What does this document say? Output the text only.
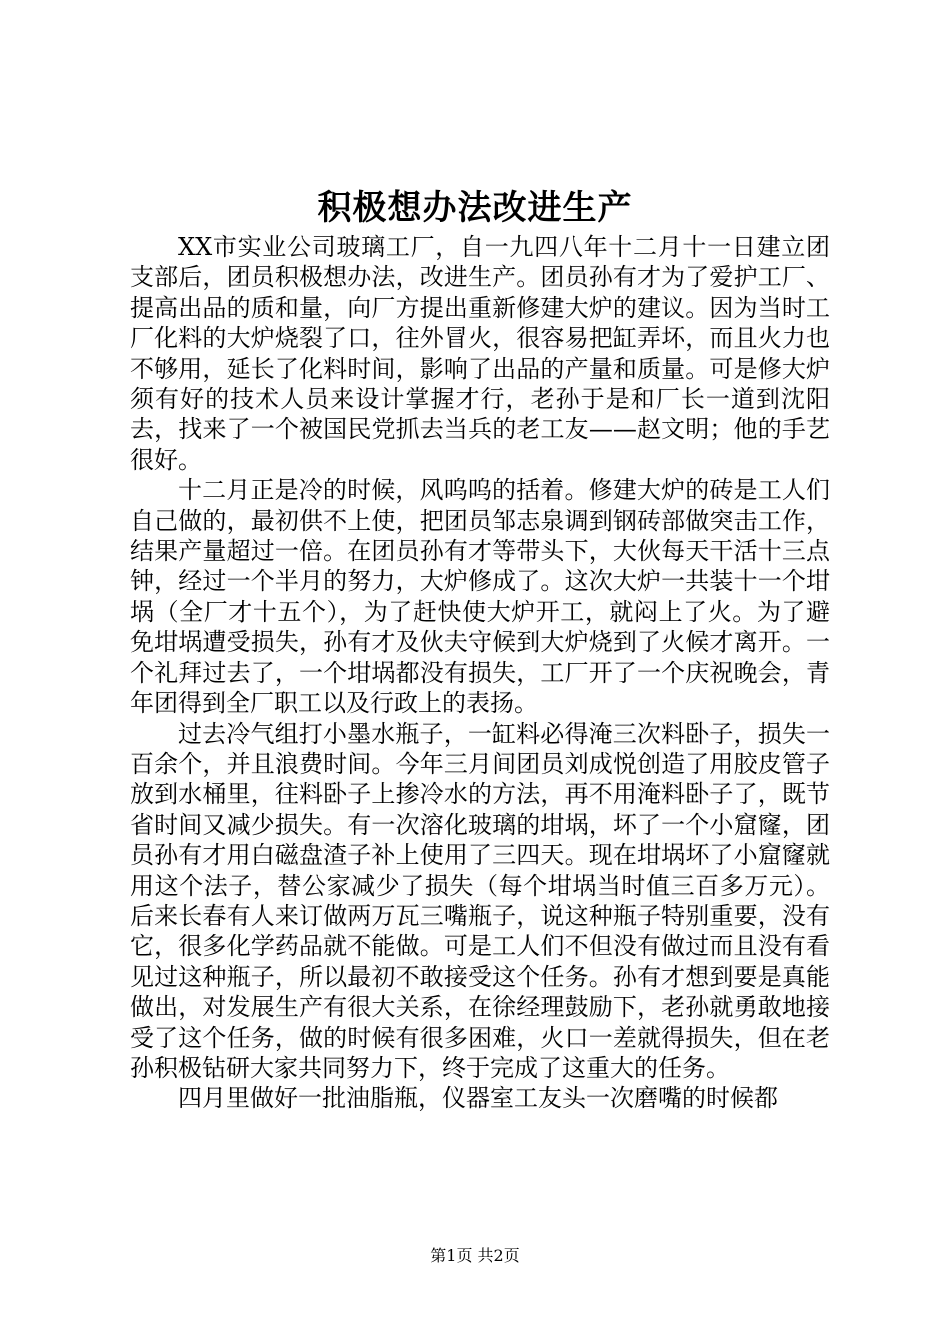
积极想办法改进生产

XX市实业公司玻璃工厂，自一九四八年十二月十一日建立团支部后，团员积极想办法，改进生产。团员孙有才为了爱护工厂、提高出品的质和量，向厂方提出重新修建大炉的建议。因为当时工厂化料的大炉烧裂了口，往外冒火，很容易把缸弄坏，而且火力也不够用，延长了化料时间，影响了出品的产量和质量。可是修大炉须有好的技术人员来设计掌握才行，老孙于是和厂长一道到沈阳去，找来了一个被国民党抓去当兵的老工友——赵文明；他的手艺很好。

十二月正是冷的时候，风呜呜的括着。修建大炉的砖是工人们自己做的，最初供不上使，把团员邹志泉调到钢砖部做突击工作，结果产量超过一倍。在团员孙有才等带头下，大伙每天干活十三点钟，经过一个半月的努力，大炉修成了。这次大炉一共装十一个坩埚（全厂才十五个），为了赶快使大炉开工，就闷上了火。为了避免坩埚遭受损失，孙有才及伙夫守候到大炉烧到了火候才离开。一个礼拜过去了，一个坩埚都没有损失，工厂开了一个庆祝晚会，青年团得到全厂职工以及行政上的表扬。

过去冷气组打小墨水瓶子，一缸料必得淹三次料卧子，损失一百余个，并且浪费时间。今年三月间团员刘成悦创造了用胶皮管子放到水桶里，往料卧子上掺冷水的方法，再不用淹料卧子了，既节省时间又减少损失。有一次溶化玻璃的坩埚，坏了一个小窟窿，团员孙有才用白磁盘渣子补上使用了三四天。现在坩埚坏了小窟窿就用这个法子，替公家减少了损失（每个坩埚当时值三百多万元）。后来长春有人来订做两万瓦三嘴瓶子，说这种瓶子特别重要，没有它，很多化学药品就不能做。可是工人们不但没有做过而且没有看见过这种瓶子，所以最初不敢接受这个任务。孙有才想到要是真能做出，对发展生产有很大关系，在徐经理鼓励下，老孙就勇敢地接受了这个任务，做的时候有很多困难，火口一差就得损失，但在老孙积极钻研大家共同努力下，终于完成了这重大的任务。

四月里做好一批油脂瓶，仪器室工友头一次磨嘴的时候都

第1页 共2页
